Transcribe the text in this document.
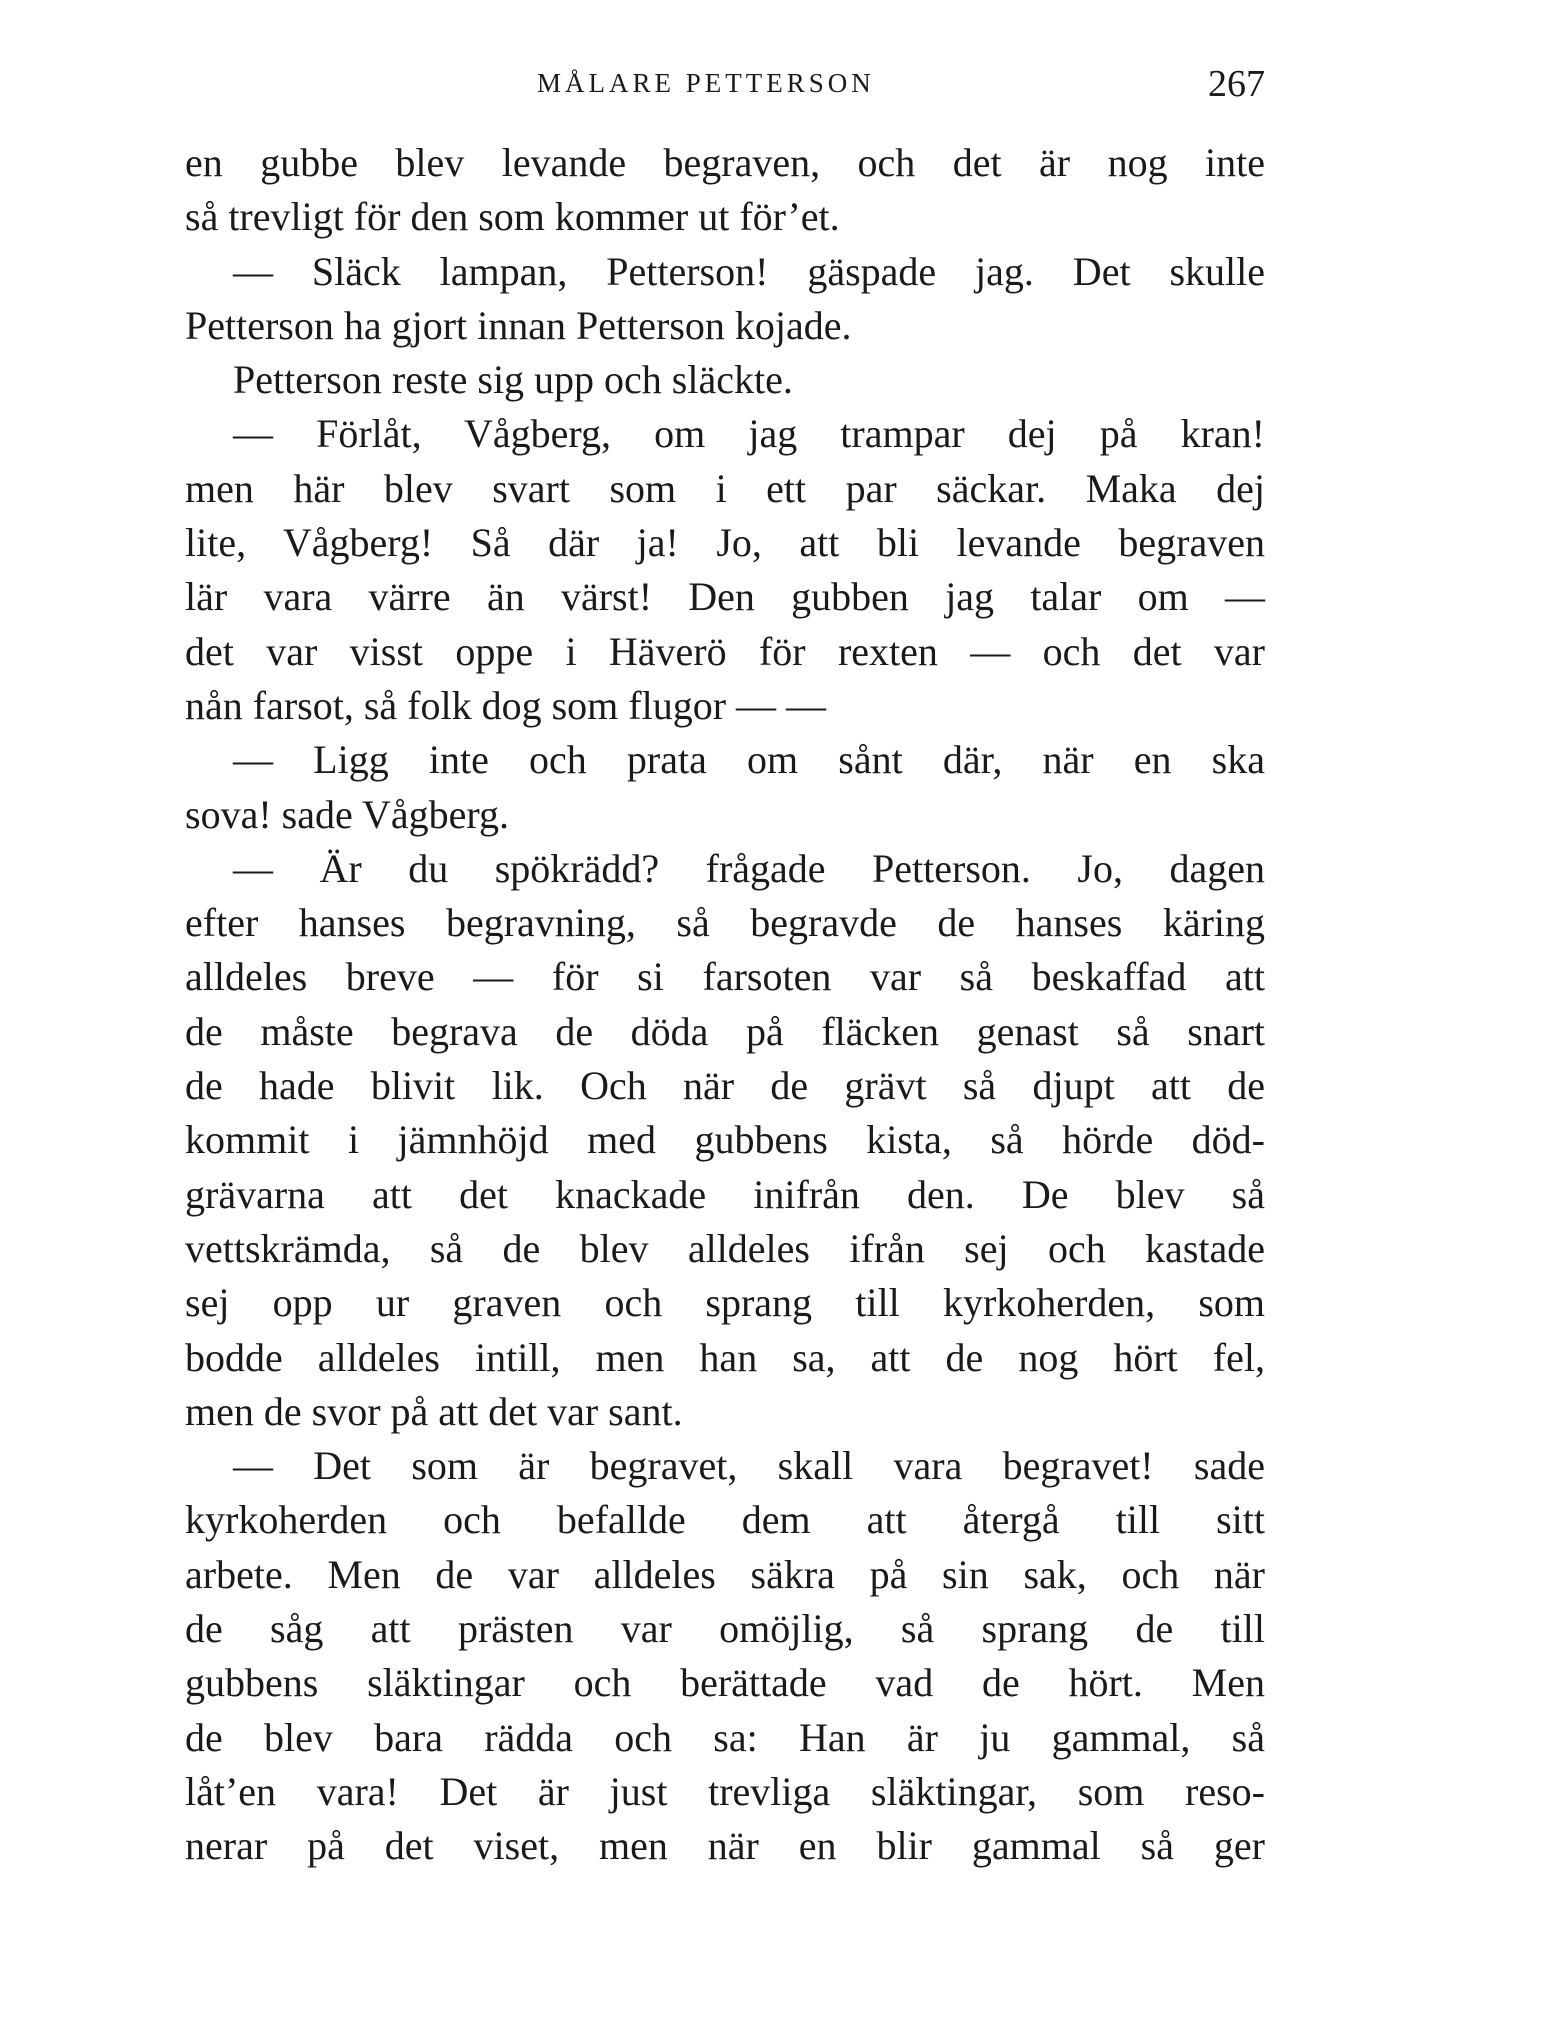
MÅLARE PETTERSON	267
en gubbe blev levande begraven, och det är nog inte
så trevligt för den som kommer ut för’et.
— Släck lampan, Petterson! gäspade jag. Det skulle
Petterson ha gjort innan Petterson kojade.
Petterson reste sig upp och släckte.
— Förlåt, Vågberg, om jag trampar dej på kran!
men här blev svart som i ett par säckar. Maka dej
lite, Vågberg! Så där ja! Jo, att bli levande begraven
lär vara värre än värst! Den gubben jag talar om —
det var visst oppe i Häverö för rexten — och det var
nån farsot, så folk dog som flugor — —
— Ligg inte och prata om sånt där, när en ska
sova! sade Vågberg.
— Är du spökrädd? frågade Petterson. Jo, dagen
efter hanses begravning, så begravde de hanses käring
alldeles breve — för si farsoten var så beskaffad att
de måste begrava de döda på fläcken genast så snart
de hade blivit lik. Och när de grävt så djupt att de
kommit i jämnhöjd med gubbens kista, så hörde död-
grävarna att det knackade inifrån den. De blev så
vettskrämda, så de blev alldeles ifrån sej och kastade
sej opp ur graven och sprang till kyrkoherden, som
bodde alldeles intill, men han sa, att de nog hört fel,
men de svor på att det var sant.
— Det som är begravet, skall vara begravet! sade
kyrkoherden och befallde dem att återgå till sitt
arbete. Men de var alldeles säkra på sin sak, och när
de såg att prästen var omöjlig, så sprang de till
gubbens släktingar och berättade vad de hört. Men
de blev bara rädda och sa: Han är ju gammal, så
låt’en vara! Det är just trevliga släktingar, som reso-
nerar på det viset, men när en blir gammal så ger
